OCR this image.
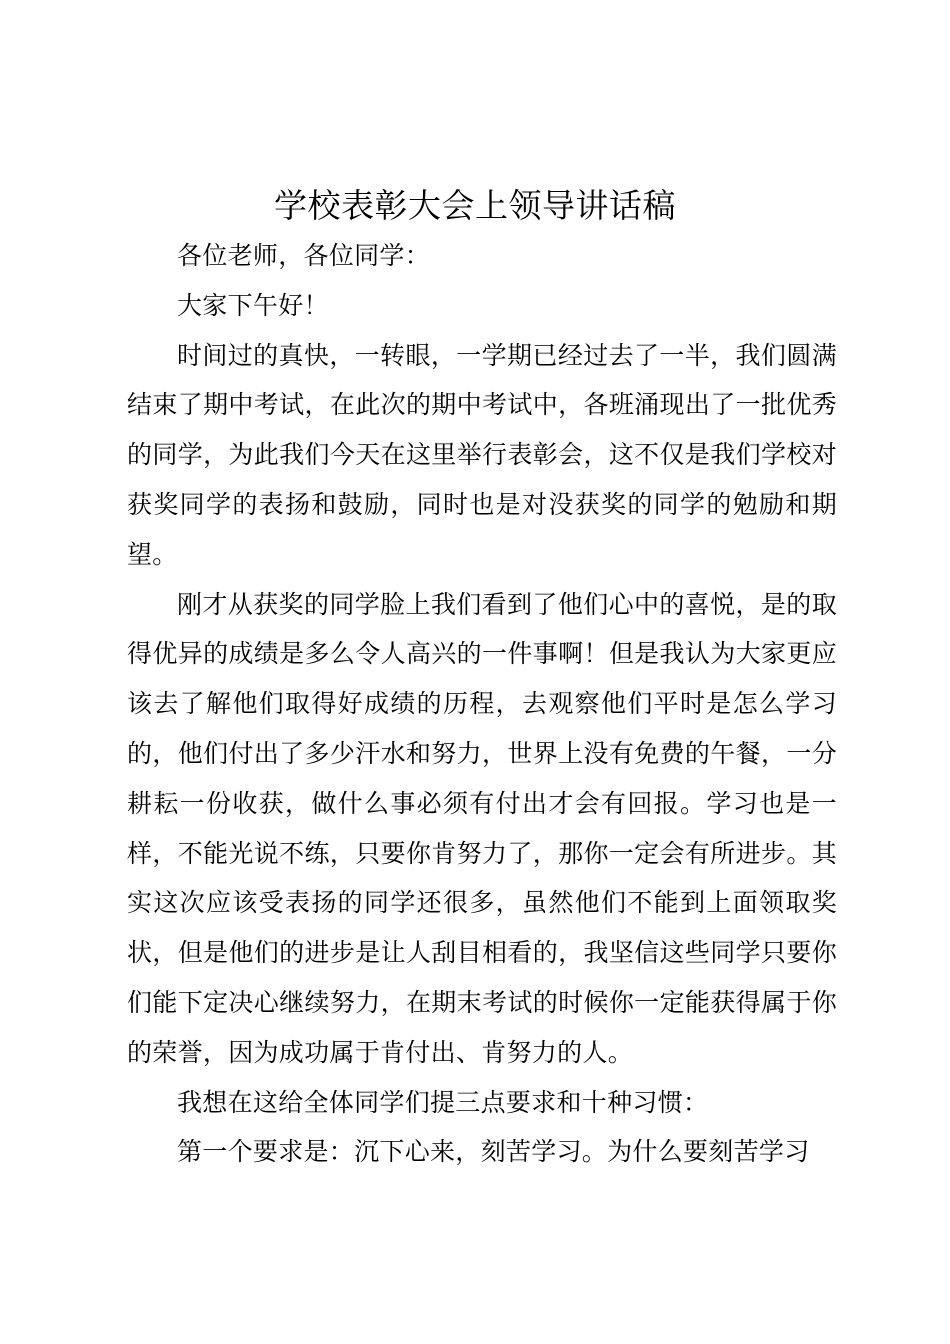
学校表彰大会上领导讲话稿

各位老师，各位同学：

大家下午好！

时间过的真快，一转眼，一学期已经过去了一半，我们圆满结束了期中考试，在此次的期中考试中，各班涌现出了一批优秀的同学，为此我们今天在这里举行表彰会，这不仅是我们学校对获奖同学的表扬和鼓励，同时也是对没获奖的同学的勉励和期望。

刚才从获奖的同学脸上我们看到了他们心中的喜悦，是的取得优异的成绩是多么令人高兴的一件事啊！但是我认为大家更应该去了解他们取得好成绩的历程，去观察他们平时是怎么学习的，他们付出了多少汗水和努力，世界上没有免费的午餐，一分耕耘一份收获，做什么事必须有付出才会有回报。学习也是一样，不能光说不练，只要你肯努力了，那你一定会有所进步。其实这次应该受表扬的同学还很多，虽然他们不能到上面领取奖状，但是他们的进步是让人刮目相看的，我坚信这些同学只要你们能下定决心继续努力，在期末考试的时候你一定能获得属于你的荣誉，因为成功属于肯付出、肯努力的人。

我想在这给全体同学们提三点要求和十种习惯：

第一个要求是：沉下心来，刻苦学习。为什么要刻苦学习
